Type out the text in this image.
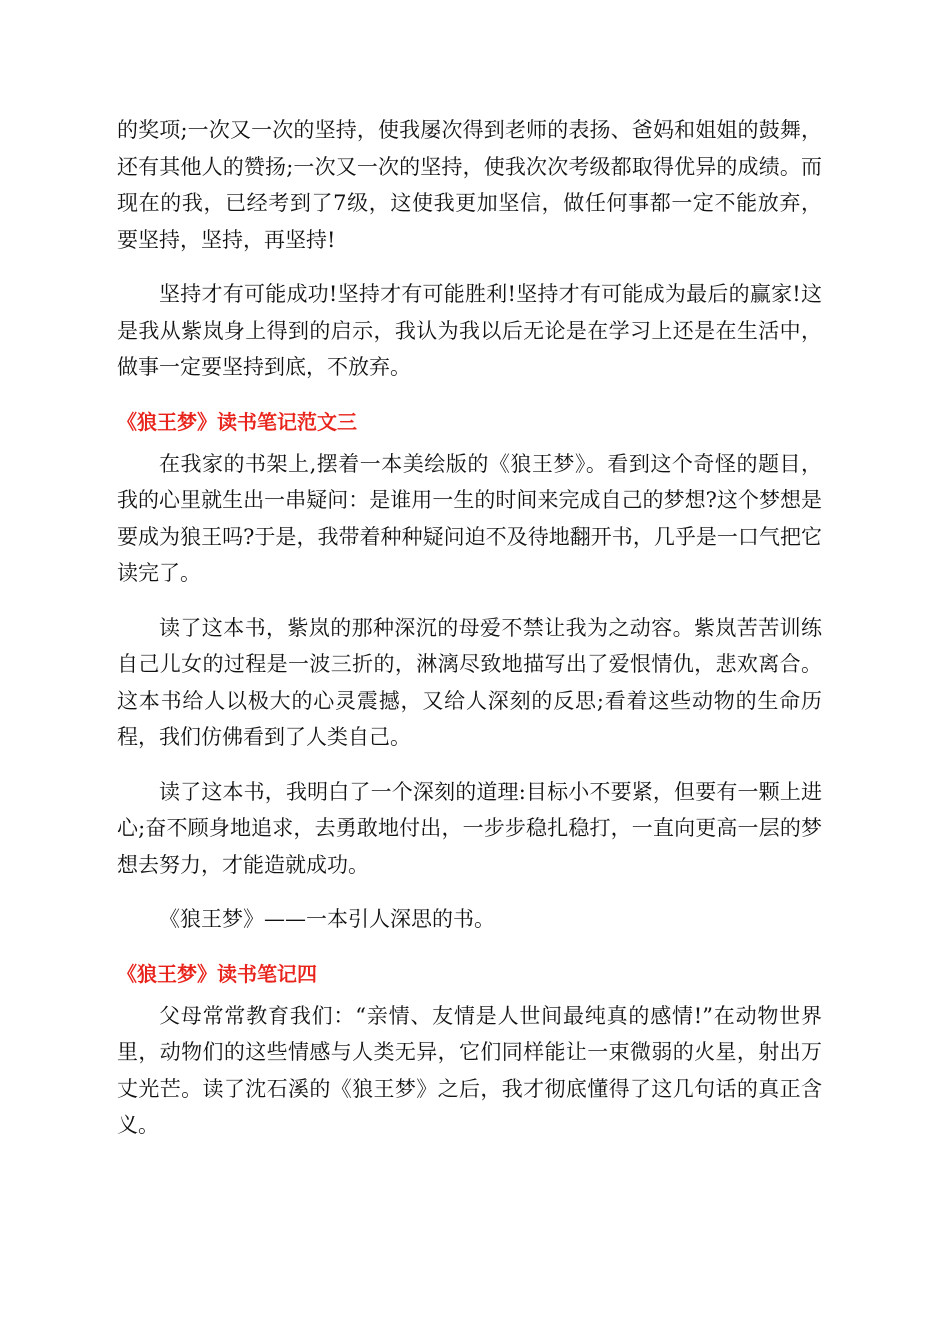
的奖项;一次又一次的坚持，使我屡次得到老师的表扬、爸妈和姐姐的鼓舞，还有其他人的赞扬;一次又一次的坚持，使我次次考级都取得优异的成绩。而现在的我，已经考到了7级，这使我更加坚信，做任何事都一定不能放弃，要坚持，坚持，再坚持!

坚持才有可能成功!坚持才有可能胜利!坚持才有可能成为最后的赢家!这是我从紫岚身上得到的启示，我认为我以后无论是在学习上还是在生活中，做事一定要坚持到底，不放弃。

《狼王梦》读书笔记范文三

在我家的书架上,摆着一本美绘版的《狼王梦》。看到这个奇怪的题目，我的心里就生出一串疑问：是谁用一生的时间来完成自己的梦想?这个梦想是要成为狼王吗?于是，我带着种种疑问迫不及待地翻开书，几乎是一口气把它读完了。

读了这本书，紫岚的那种深沉的母爱不禁让我为之动容。紫岚苦苦训练自己儿女的过程是一波三折的，淋漓尽致地描写出了爱恨情仇，悲欢离合。这本书给人以极大的心灵震撼，又给人深刻的反思;看着这些动物的生命历程，我们仿佛看到了人类自己。

读了这本书，我明白了一个深刻的道理:目标小不要紧，但要有一颗上进心;奋不顾身地追求，去勇敢地付出，一步步稳扎稳打，一直向更高一层的梦想去努力，才能造就成功。

《狼王梦》——一本引人深思的书。

《狼王梦》读书笔记四

父母常常教育我们：“亲情、友情是人世间最纯真的感情!”在动物世界里，动物们的这些情感与人类无异，它们同样能让一束微弱的火星，射出万丈光芒。读了沈石溪的《狼王梦》之后，我才彻底懂得了这几句话的真正含义。
